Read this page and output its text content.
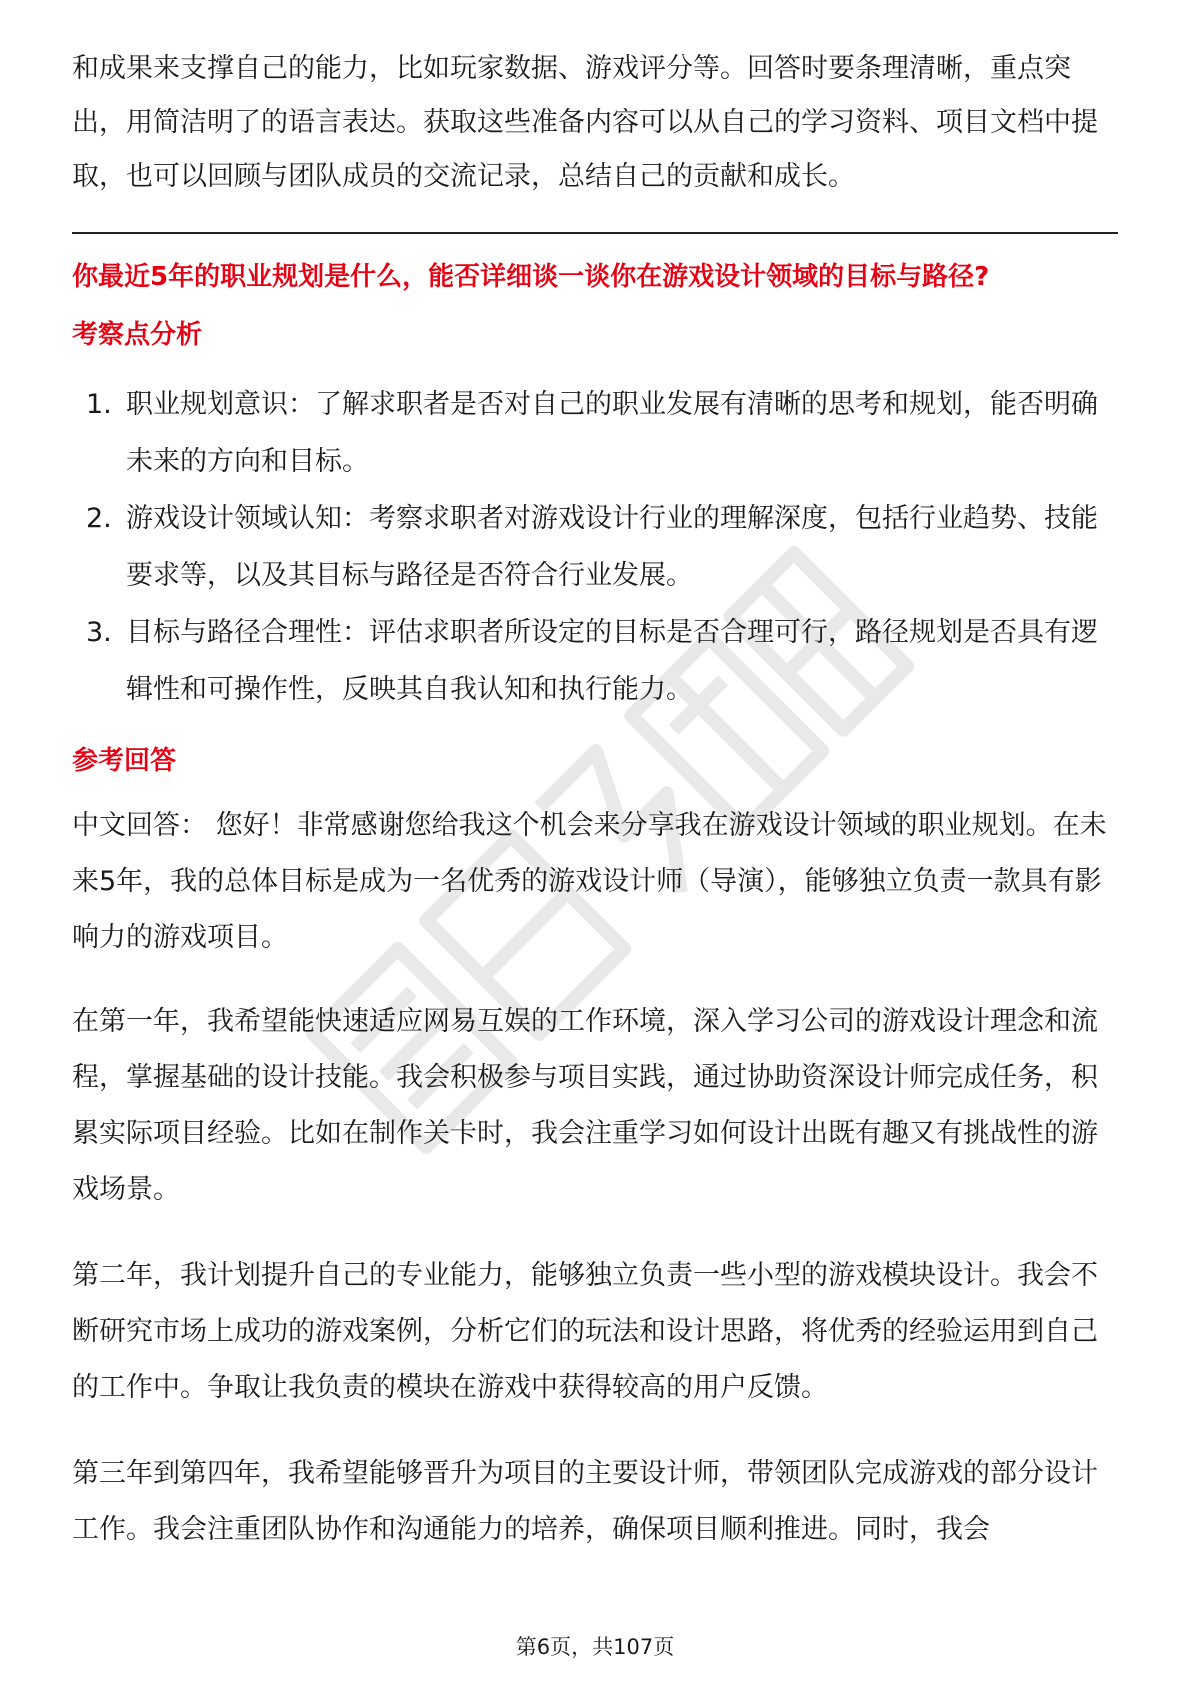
和成果来支撑自己的能力，比如玩家数据、游戏评分等。回答时要条理清晰，重点突出，用简洁明了的语言表达。获取这些准备内容可以从自己的学习资料、项目文档中提取，也可以回顾与团队成员的交流记录，总结自己的贡献和成长。

你最近5年的职业规划是什么，能否详细谈一谈你在游戏设计领域的目标与路径?
考察点分析
1. 职业规划意识：了解求职者是否对自己的职业发展有清晰的思考和规划，能否明确未来的方向和目标。
2. 游戏设计领域认知：考察求职者对游戏设计行业的理解深度，包括行业趋势、技能要求等，以及其目标与路径是否符合行业发展。
3. 目标与路径合理性：评估求职者所设定的目标是否合理可行，路径规划是否具有逻辑性和可操作性，反映其自我认知和执行能力。
参考回答

中文回答： 您好！非常感谢您给我这个机会来分享我在游戏设计领域的职业规划。在未来5年，我的总体目标是成为一名优秀的游戏设计师（导演），能够独立负责一款具有影响力的游戏项目。

在第一年，我希望能快速适应网易互娱的工作环境，深入学习公司的游戏设计理念和流程，掌握基础的设计技能。我会积极参与项目实践，通过协助资深设计师完成任务，积累实际项目经验。比如在制作关卡时，我会注重学习如何设计出既有趣又有挑战性的游戏场景。

第二年，我计划提升自己的专业能力，能够独立负责一些小型的游戏模块设计。我会不断研究市场上成功的游戏案例，分析它们的玩法和设计思路，将优秀的经验运用到自己的工作中。争取让我负责的模块在游戏中获得较高的用户反馈。

第三年到第四年，我希望能够晋升为项目的主要设计师，带领团队完成游戏的部分设计工作。我会注重团队协作和沟通能力的培养，确保项目顺利推进。同时，我会

第6页，共107页
